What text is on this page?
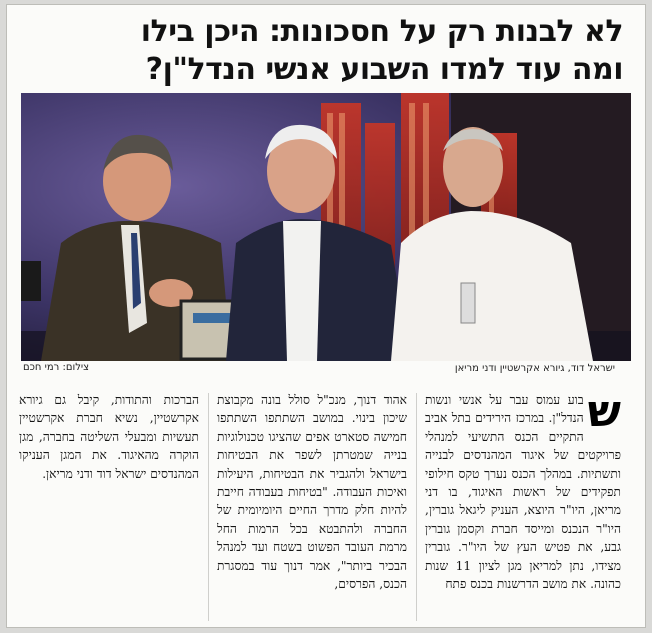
לא לבנות רק על חסכונות: היכן בילו
ומה עוד למדו השבוע אנשי הנדל"ן?
ישראל דוד, גיורא אקרשטיין ודני מריאן
צילום: רמי חכם

ש
בוע עמוס עבר על אנשי ונשות הנדל"ן. במרכז הירידים בתל אביב התקיים הכנס התשיעי למנהלי פרויקטים של איגוד המהנדסים לבנייה ותשתיות. במהלך הכנס נערך טקס חילופי תפקידים של ראשות האיגוד, בו דני מריאן, היו"ר היוצא, העניק ליגאל גוברין, היו"ר הנכנס ומייסד חברת וקסמן גוברין גבע, את פטיש העץ של היו"ר. גוברין מצידו, נתן למריאן מגן לציון 11 שנות כהונה. את מושב הדרשנות בכנס פתח

אהוד דנוך, מנכ"ל סולל בונה מקבוצת שיכון בינוי. במושב השתתפו השתתפו חמישה סטארט אפים שהציגו טכנולוגיות בנייה שמטרתן לשפר את הבטיחות בישראל ולהגביר את הבטיחות, היעילות ואיכות העבודה. "בטיחות בעבודה חייבת להיות חלק מדרך החיים היומיומית של החברה ולהתבטא בכל הרמות החל מרמת העובד הפשוט בשטח ועד למנהל הבכיר ביותר", אמר דנוך עוד במסגרת הכנס, הפרסים,

הברכות והתודות, קיבל גם גיורא אקרשטיין, נשיא חברת אקרשטיין תעשיות ומבעלי השליטה בחברה, מגן הוקרה מהאיגוד. את המגן העניקו המהנדסים ישראל דוד ודני מריאן.
